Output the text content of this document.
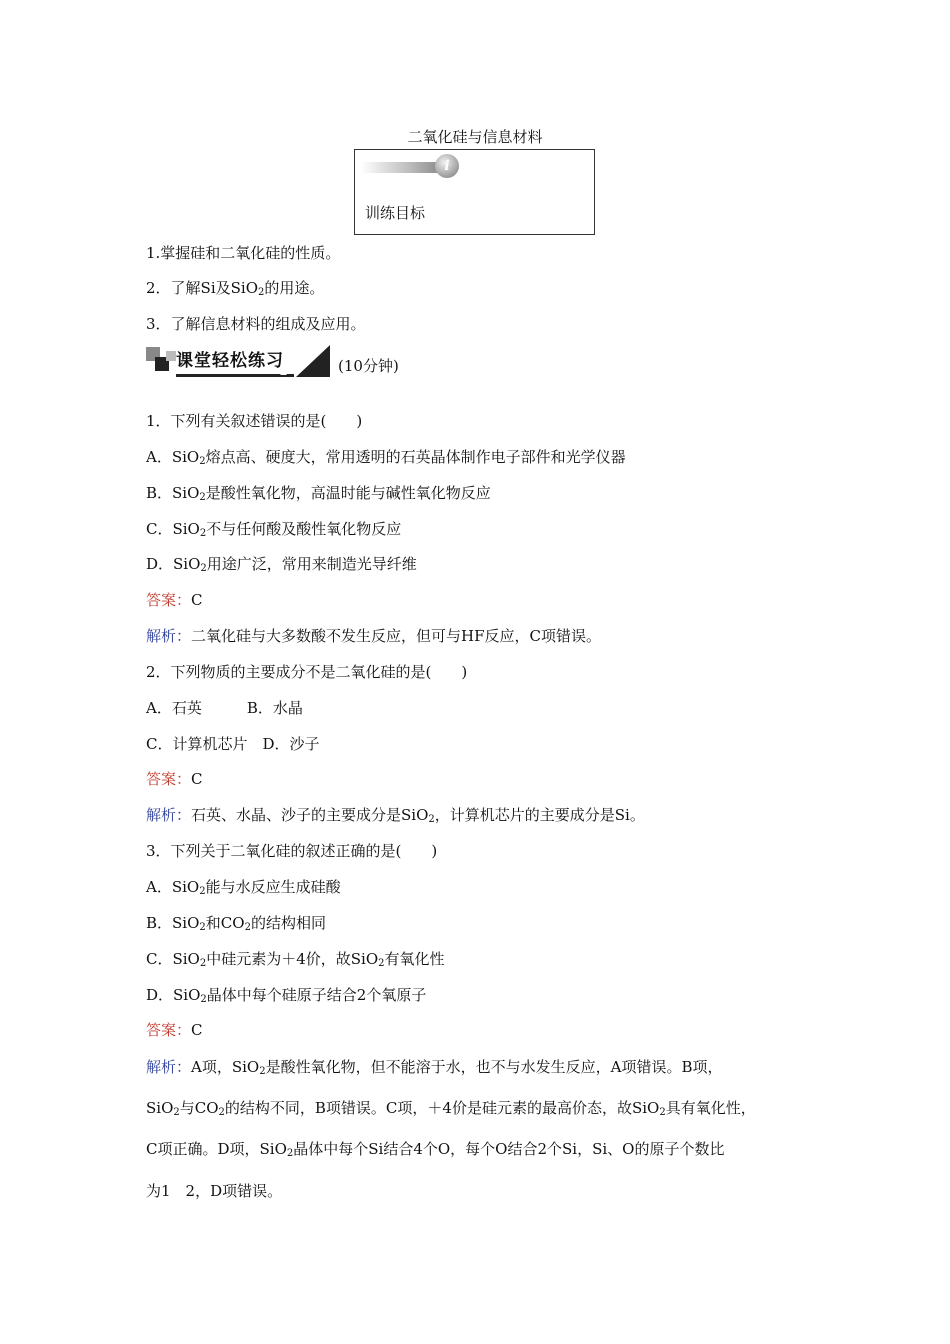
二氧化硅与信息材料
i
训练目标
1.掌握硅和二氧化硅的性质。
2．了解Si及SiO$_2$的用途。
3．了解信息材料的组成及应用。
课堂轻松练习	(10分钟)
1．下列有关叙述错误的是(　　)
A．SiO$_2$熔点高、硬度大，常用透明的石英晶体制作电子部件和光学仪器
B．SiO$_2$是酸性氧化物，高温时能与碱性氧化物反应
C．SiO$_2$不与任何酸及酸性氧化物反应
D．SiO$_2$用途广泛，常用来制造光导纤维
答案：C
解析：二氧化硅与大多数酸不发生反应，但可与HF反应，C项错误。
2．下列物质的主要成分不是二氧化硅的是(　　)
A．石英　　　B．水晶
C．计算机芯片　D．沙子
答案：C
解析：石英、水晶、沙子的主要成分是SiO$_2$，计算机芯片的主要成分是Si。
3．下列关于二氧化硅的叙述正确的是(　　)
A．SiO$_2$能与水反应生成硅酸
B．SiO$_2$和$CO_2$的结构相同
C．SiO$_2$中硅元素为＋4价，故SiO$_2$有氧化性
D．SiO$_2$晶体中每个硅原子结合2个氧原子
答案：C
解析：A项，SiO$_2$是酸性氧化物，但不能溶于水，也不与水发生反应，A项错误。B项，
SiO$_2$与$CO_2$的结构不同，B项错误。C项，＋4价是硅元素的最高价态，故SiO$_2$具有氧化性，
C项正确。D项，SiO$_2$晶体中每个Si结合4个O，每个O结合2个Si，Si、O的原子个数比
为1　2，D项错误。
